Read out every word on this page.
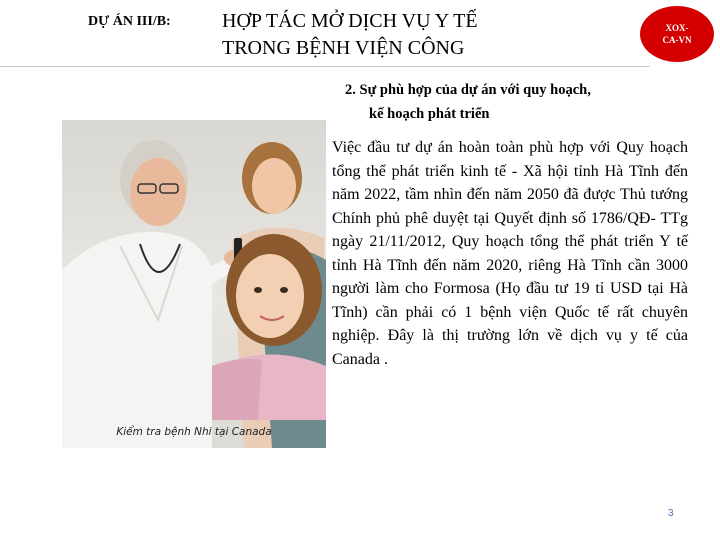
DỰ ÁN III/B:	HỢP TÁC MỞ DỊCH VỤ Y TẾ
TRONG BỆNH VIỆN CÔNG
XOX-
CA-VN
2. Sự phù hợp của dự án với quy hoạch,
kế hoạch phát triển
Kiểm tra bệnh Nhi tại Canada

Việc đầu tư dự án hoàn toàn phù hợp với Quy hoạch tổng thể phát triển kinh tế - Xã hội tỉnh Hà Tĩnh đến năm 2022, tầm nhìn đến năm 2050 đã được Thủ tướng Chính phủ phê duyệt tại Quyết định số 1786/QĐ- TTg ngày 21/11/2012, Quy hoạch tổng thể phát triển Y tế tỉnh Hà Tĩnh đến năm 2020, riêng Hà Tĩnh cần 3000 người làm cho Formosa (Họ đầu tư 19 tỉ USD tại Hà Tĩnh) cần phải có 1 bệnh viện Quốc tế rất chuyên nghiệp. Đây là thị trường lớn về dịch vụ y tế của Canada .

3
